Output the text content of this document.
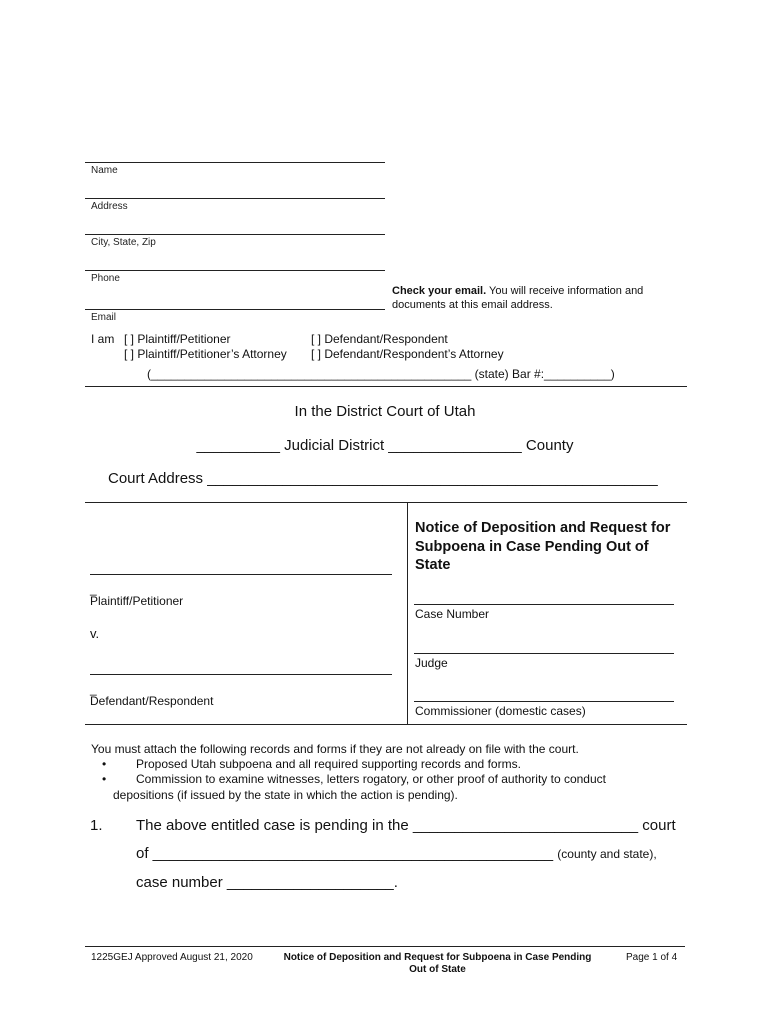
Name
Address
City, State, Zip
Phone
Check your email. You will receive information and
documents at this email address.
Email
I am [ ] Plaintiff/Petitioner
[ ] Plaintiff/Petitioner’s Attorney
[ ] Defendant/Respondent
[ ] Defendant/Respondent’s Attorney
(________________________________________________ (state) Bar #:__________)
In the District Court of Utah
__________ Judicial District ________________ County
Court Address ______________________________________________________
_
Plaintiff/Petitioner
v.
_
Defendant/Respondent
Notice of Deposition and Request for Subpoena in Case Pending Out of State
Case Number
Judge
Commissioner (domestic cases)
You must attach the following records and forms if they are not already on file with the court.
• Proposed Utah subpoena and all required supporting records and forms.
• Commission to examine witnesses, letters rogatory, or other proof of authority to conduct
depositions (if issued by the state in which the action is pending).
1. The above entitled case is pending in the ___________________________ court
of ________________________________________________ (county and state),
case number ____________________.
1225GEJ Approved August 21, 2020	Notice of Deposition and Request for Subpoena in Case Pending
Out of State
Page 1 of 4
